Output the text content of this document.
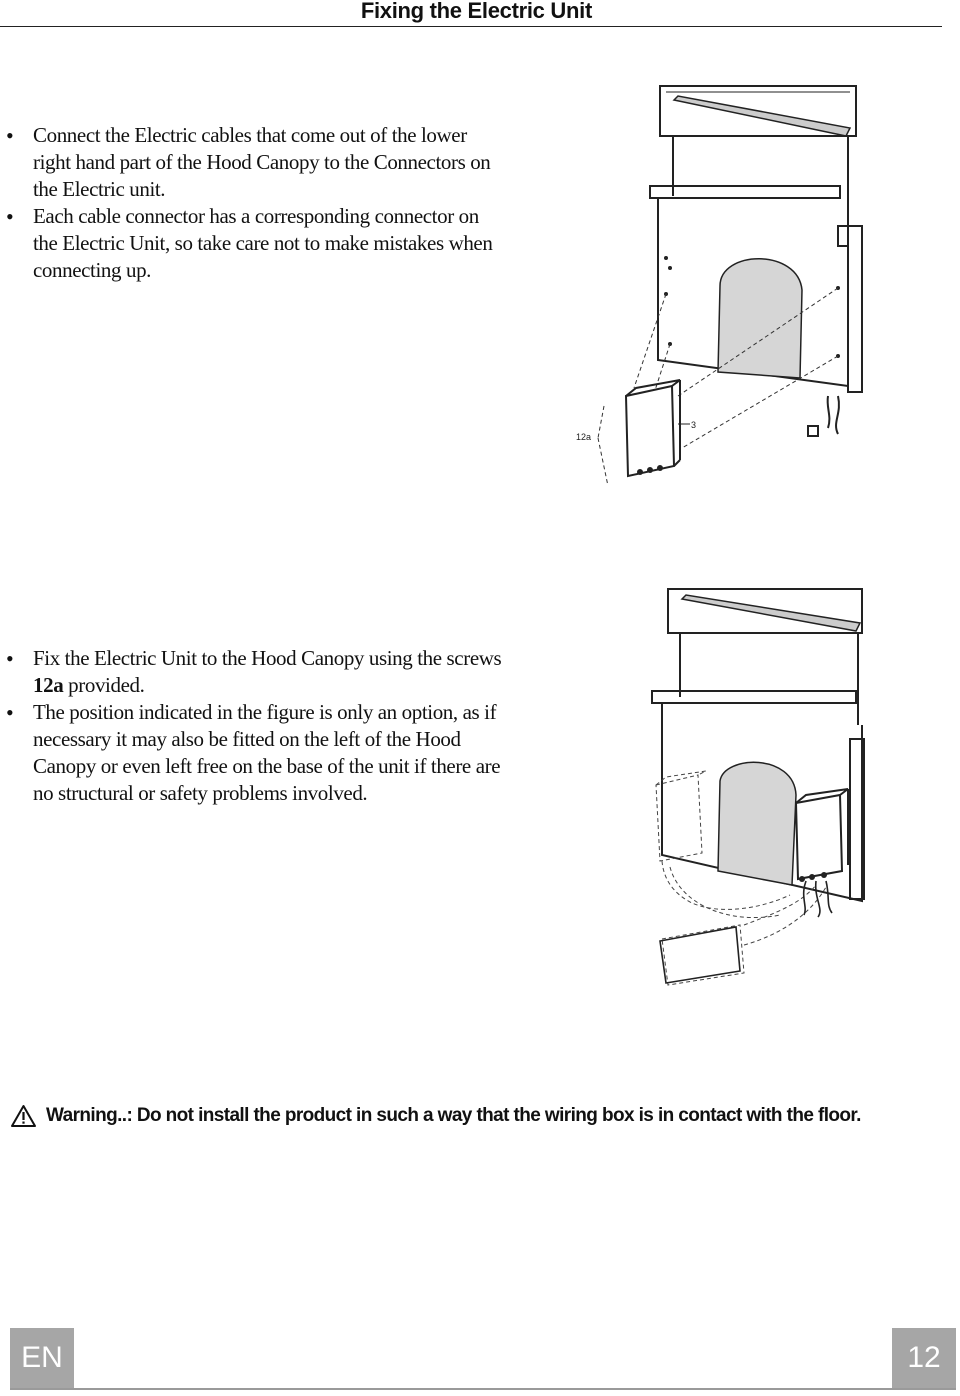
Fixing the Electric Unit
• Connect the Electric cables that come out of the lower right hand part of the Hood Canopy to the Connectors on the Electric unit.
• Each cable connector has a corresponding connector on the Electric Unit, so take care not to make mistakes when connecting up.
3
12a
• Fix the Electric Unit to the Hood Canopy using the screws 12a provided.
• The position indicated in the figure is only an option, as if necessary it may also be fitted on the left of the Hood Canopy or even left free on the base of the unit if there are no structural or safety problems involved.
Warning..: Do not install the product in such a way that the wiring box is in contact with the floor.
EN	12
